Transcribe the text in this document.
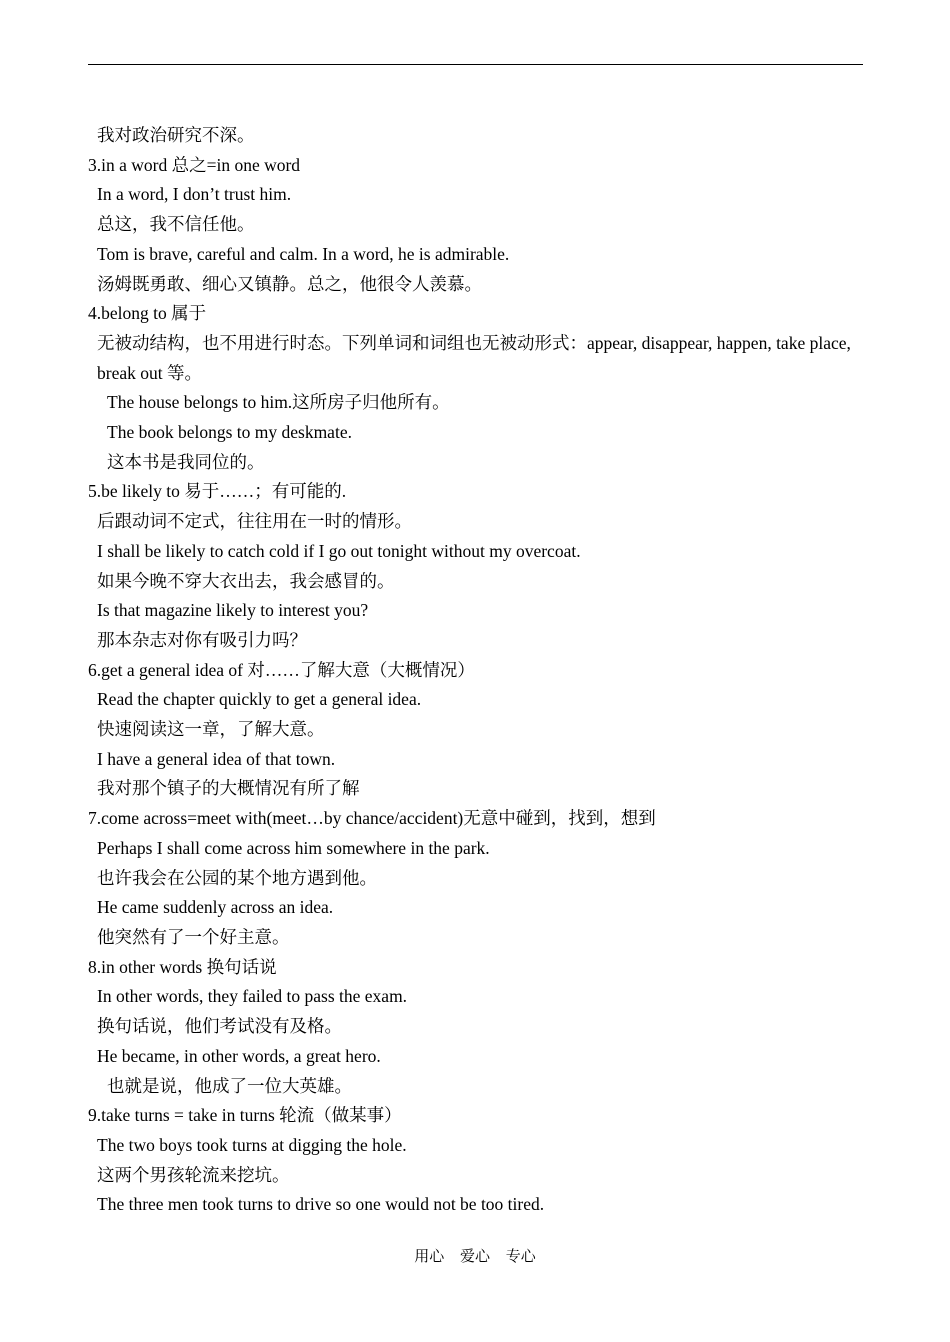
我对政治研究不深。
3.in a word 总之=in one word
In a word, I don’t trust him.
总这，我不信任他。
Tom is brave, careful and calm. In a word, he is admirable.
汤姆既勇敢、细心又镇静。总之，他很令人羡慕。
4.belong to 属于
无被动结构，也不用进行时态。下列单词和词组也无被动形式：appear, disappear, happen, take place, break out 等。
The house belongs to him.这所房子归他所有。
The book belongs to my deskmate.
这本书是我同位的。
5.be likely to 易于……；有可能的.
后跟动词不定式，往往用在一时的情形。
I shall be likely to catch cold if I go out tonight without my overcoat.
如果今晚不穿大衣出去，我会感冒的。
Is that magazine likely to interest you?
那本杂志对你有吸引力吗？
6.get a general idea of 对……了解大意（大概情况）
Read the chapter quickly to get a general idea.
快速阅读这一章，了解大意。
I have a general idea of that town.
我对那个镇子的大概情况有所了解
7.come across=meet with(meet…by chance/accident)无意中碰到，找到，想到
Perhaps I shall come across him somewhere in the park.
也许我会在公园的某个地方遇到他。
He came suddenly across an idea.
他突然有了一个好主意。
8.in other words 换句话说
In other words, they failed to pass the exam.
换句话说，他们考试没有及格。
He became, in other words, a great hero.
也就是说，他成了一位大英雄。
9.take turns = take in turns 轮流（做某事）
The two boys took turns at digging the hole.
这两个男孩轮流来挖坑。
The three men took turns to drive so one would not be too tired.
用心 爱心 专心
